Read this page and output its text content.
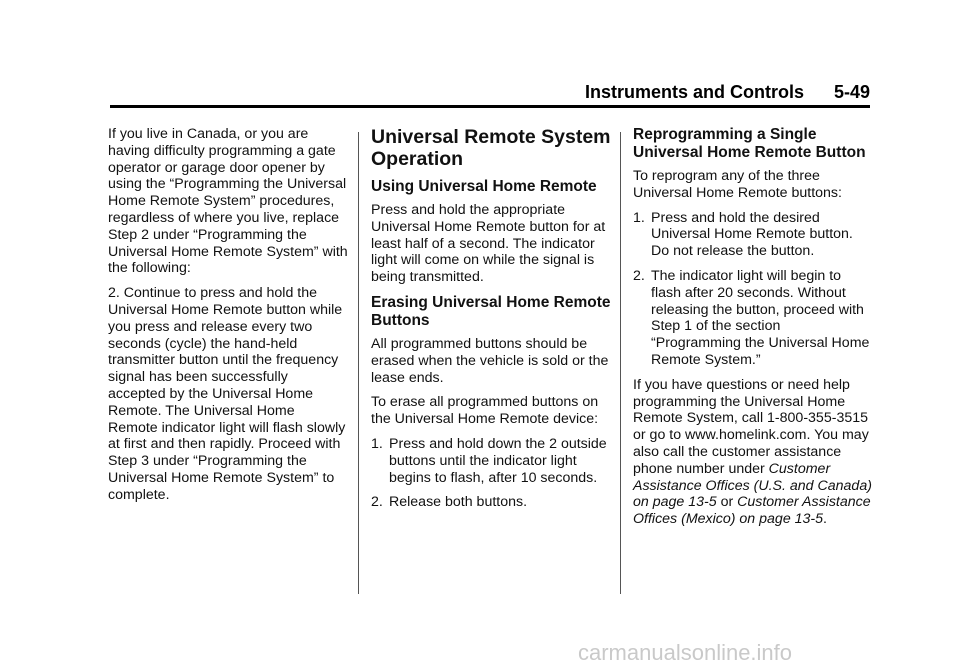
Instruments and Controls 5-49

If you live in Canada, or you are having difficulty programming a gate operator or garage door opener by using the “Programming the Universal Home Remote System” procedures, regardless of where you live, replace Step 2 under “Programming the Universal Home Remote System” with the following:

2. Continue to press and hold the Universal Home Remote button while you press and release every two seconds (cycle) the hand-held transmitter button until the frequency signal has been successfully accepted by the Universal Home Remote. The Universal Home Remote indicator light will flash slowly at first and then rapidly. Proceed with Step 3 under “Programming the Universal Home Remote System” to complete.

Universal Remote System Operation
Using Universal Home Remote

Press and hold the appropriate Universal Home Remote button for at least half of a second. The indicator light will come on while the signal is being transmitted.

Erasing Universal Home Remote Buttons

All programmed buttons should be erased when the vehicle is sold or the lease ends.

To erase all programmed buttons on the Universal Home Remote device:

1. Press and hold down the 2 outside buttons until the indicator light begins to flash, after 10 seconds.
2. Release both buttons.
Reprogramming a Single Universal Home Remote Button

To reprogram any of the three Universal Home Remote buttons:

1. Press and hold the desired Universal Home Remote button. Do not release the button.
2. The indicator light will begin to flash after 20 seconds. Without releasing the button, proceed with Step 1 of the section “Programming the Universal Home Remote System.”

If you have questions or need help programming the Universal Home Remote System, call 1-800-355-3515 or go to www.homelink.com. You may also call the customer assistance phone number under Customer Assistance Offices (U.S. and Canada) on page 13-5 or Customer Assistance Offices (Mexico) on page 13-5.

carmanualsonline.info
